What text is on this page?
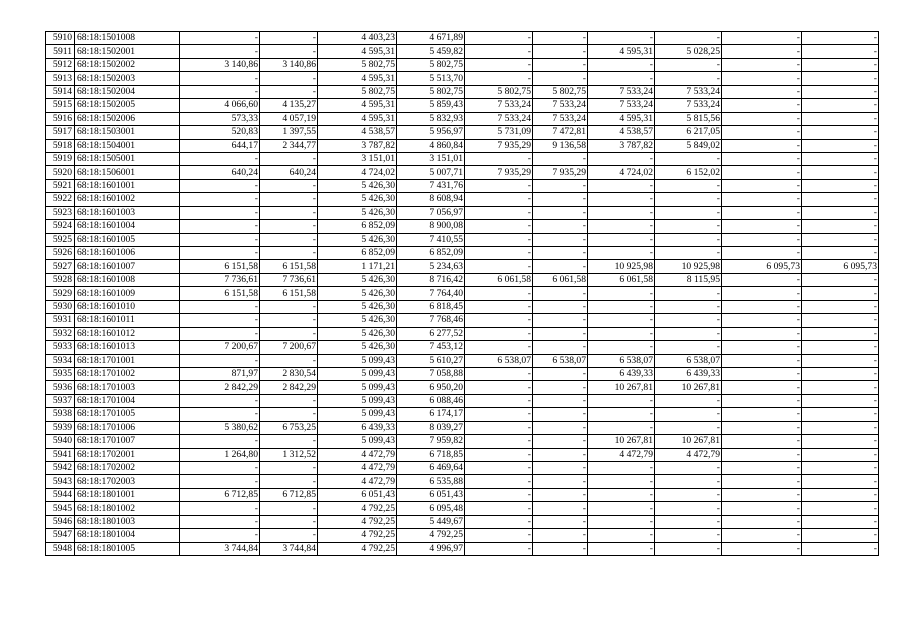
5910	68:18:1501008	-	-	4 403,23	4 671,89	-	-	-	-	-	-
5911	68:18:1502001	-	-	4 595,31	5 459,82	-	-	4 595,31	5 028,25	-	-
5912	68:18:1502002	3 140,86	3 140,86	5 802,75	5 802,75	-	-	-	-	-	-
5913	68:18:1502003	-	-	4 595,31	5 513,70	-	-	-	-	-	-
5914	68:18:1502004	-	-	5 802,75	5 802,75	5 802,75	5 802,75	7 533,24	7 533,24	-	-
5915	68:18:1502005	4 066,60	4 135,27	4 595,31	5 859,43	7 533,24	7 533,24	7 533,24	7 533,24	-	-
5916	68:18:1502006	573,33	4 057,19	4 595,31	5 832,93	7 533,24	7 533,24	4 595,31	5 815,56	-	-
5917	68:18:1503001	520,83	1 397,55	4 538,57	5 956,97	5 731,09	7 472,81	4 538,57	6 217,05	-	-
5918	68:18:1504001	644,17	2 344,77	3 787,82	4 860,84	7 935,29	9 136,58	3 787,82	5 849,02	-	-
5919	68:18:1505001	-	-	3 151,01	3 151,01	-	-	-	-	-	-
5920	68:18:1506001	640,24	640,24	4 724,02	5 007,71	7 935,29	7 935,29	4 724,02	6 152,02	-	-
5921	68:18:1601001	-	-	5 426,30	7 431,76	-	-	-	-	-	-
5922	68:18:1601002	-	-	5 426,30	8 608,94	-	-	-	-	-	-
5923	68:18:1601003	-	-	5 426,30	7 056,97	-	-	-	-	-	-
5924	68:18:1601004	-	-	6 852,09	8 900,08	-	-	-	-	-	-
5925	68:18:1601005	-	-	5 426,30	7 410,55	-	-	-	-	-	-
5926	68:18:1601006	-	-	6 852,09	6 852,09	-	-	-	-	-	-
5927	68:18:1601007	6 151,58	6 151,58	1 171,21	5 234,63	-	-	10 925,98	10 925,98	6 095,73	6 095,73
5928	68:18:1601008	7 736,61	7 736,61	5 426,30	8 716,42	6 061,58	6 061,58	6 061,58	8 115,95	-	-
5929	68:18:1601009	6 151,58	6 151,58	5 426,30	7 764,40	-	-	-	-	-	-
5930	68:18:1601010	-	-	5 426,30	6 818,45	-	-	-	-	-	-
5931	68:18:1601011	-	-	5 426,30	7 768,46	-	-	-	-	-	-
5932	68:18:1601012	-	-	5 426,30	6 277,52	-	-	-	-	-	-
5933	68:18:1601013	7 200,67	7 200,67	5 426,30	7 453,12	-	-	-	-	-	-
5934	68:18:1701001	-	-	5 099,43	5 610,27	6 538,07	6 538,07	6 538,07	6 538,07	-	-
5935	68:18:1701002	871,97	2 830,54	5 099,43	7 058,88	-	-	6 439,33	6 439,33	-	-
5936	68:18:1701003	2 842,29	2 842,29	5 099,43	6 950,20	-	-	10 267,81	10 267,81	-	-
5937	68:18:1701004	-	-	5 099,43	6 088,46	-	-	-	-	-	-
5938	68:18:1701005	-	-	5 099,43	6 174,17	-	-	-	-	-	-
5939	68:18:1701006	5 380,62	6 753,25	6 439,33	8 039,27	-	-	-	-	-	-
5940	68:18:1701007	-	-	5 099,43	7 959,82	-	-	10 267,81	10 267,81	-	-
5941	68:18:1702001	1 264,80	1 312,52	4 472,79	6 718,85	-	-	4 472,79	4 472,79	-	-
5942	68:18:1702002	-	-	4 472,79	6 469,64	-	-	-	-	-	-
5943	68:18:1702003	-	-	4 472,79	6 535,88	-	-	-	-	-	-
5944	68:18:1801001	6 712,85	6 712,85	6 051,43	6 051,43	-	-	-	-	-	-
5945	68:18:1801002	-	-	4 792,25	6 095,48	-	-	-	-	-	-
5946	68:18:1801003	-	-	4 792,25	5 449,67	-	-	-	-	-	-
5947	68:18:1801004	-	-	4 792,25	4 792,25	-	-	-	-	-	-
5948	68:18:1801005	3 744,84	3 744,84	4 792,25	4 996,97	-	-	-	-	-	-
